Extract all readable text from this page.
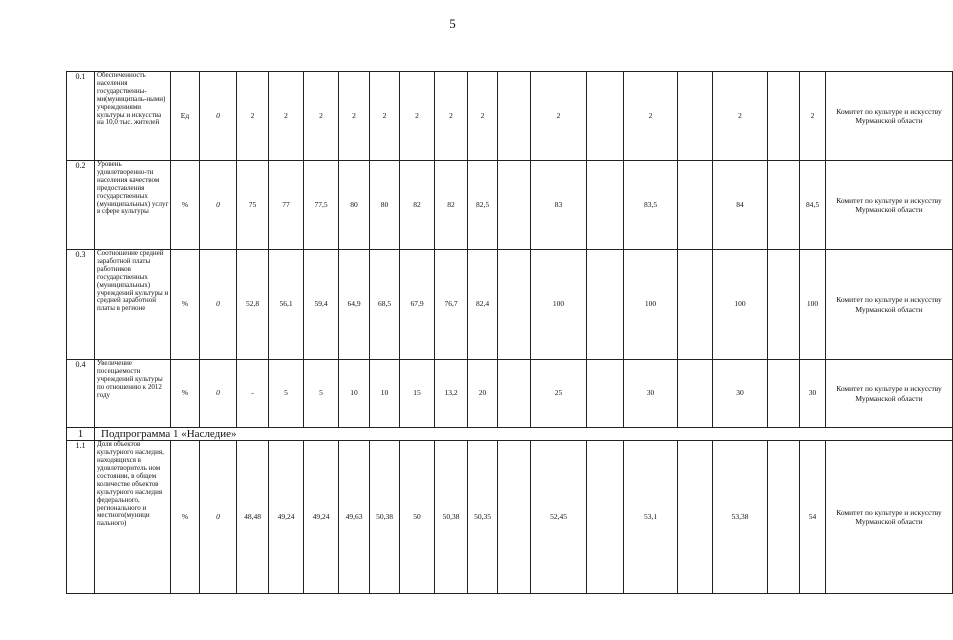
5
0.1	Обеспеченность населения государственны-ми(муниципаль-ными) учреждениями культуры и искусства на 10,0 тыс. жителей	Ед	0	2	2	2	2	2	2	2	2		2		2		2		2	Комитет по культуре и искусству Мурманской области
0.2	Уровень удовлетворенно-ти населения качеством предоставления государственных (муниципальных) услуг в сфере культуры	%	0	75	77	77,5	80	80	82	82	82,5		83		83,5		84		84,5	Комитет по культуре и искусству Мурманской области
0.3	Соотношение средней заработной платы работников государственных (муниципальных) учреждений культуры и средней заработной платы в регионе	%	0	52,8	56,1	59,4	64,9	68,5	67,9	76,7	82,4		100		100		100		100	Комитет по культуре и искусству Мурманской области
0.4	Увеличение посещаемости учреждений культуры по отношению к 2012 году	%	0	-	5	5	10	10	15	13,2	20		25		30		30		30	Комитет по культуре и искусству Мурманской области
1	Подпрограмма 1 «Наследие»																			
1.1	Доля объектов культурного наследия, находящихся в удовлетворитель ном состоянии, в общем количестве объектов культурного наследия федерального, регионального и местного(муници пального)	%	0	48,48	49,24	49,24	49,63	50,38	50	50,38	50,35		52,45		53,1		53,38		54	Комитет по культуре и искусству Мурманской области
